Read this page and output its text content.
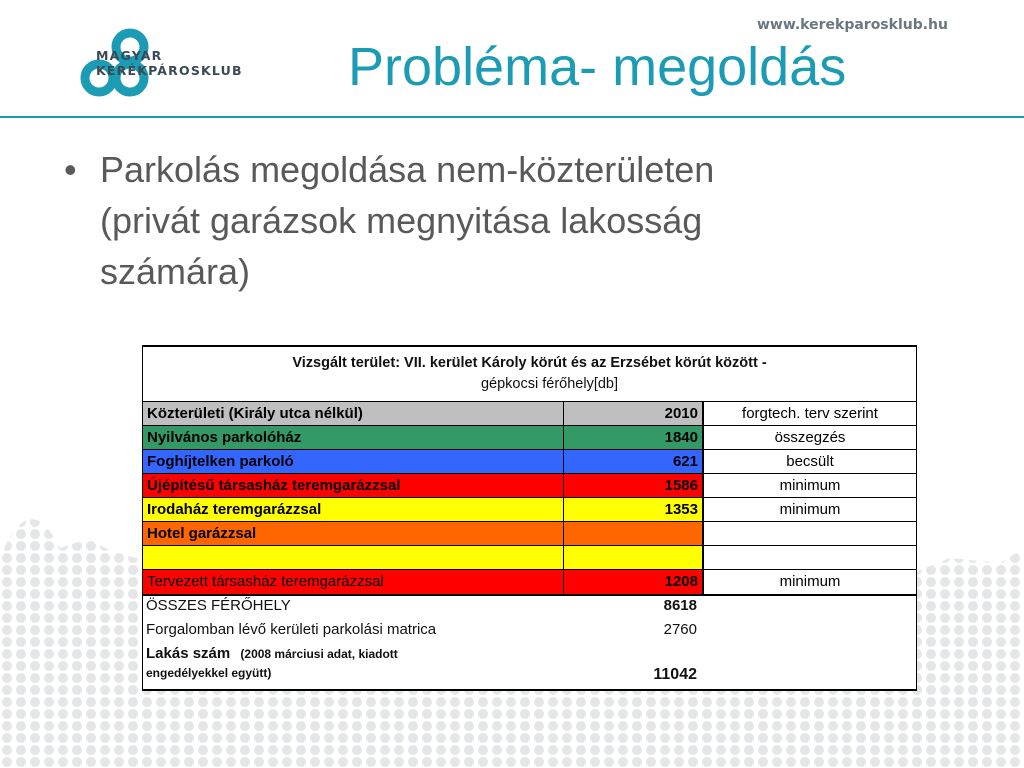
MAGYAR
KERÉKPÁROSKLUB
www.kerekparosklub.hu
Probléma- megoldás
• Parkolás megoldása nem-közterületen
(privát garázsok megnyitása lakosság
számára)
Vizsgált terület: VII. kerület Károly körút és az Erzsébet körút között -
gépkocsi férőhely[db]
Közterületi (Király utca nélkül)	2010	forgtech. terv szerint
Nyilvános parkolóház	1840	összegzés
Foghíjtelken parkoló	621	becsült
Újépítésű társasház teremgarázzsal	1586	minimum
Irodaház teremgarázzsal	1353	minimum
Hotel garázzsal		

Tervezett társasház teremgarázzsal	1208	minimum
ÖSSZES FÉRŐHELY	8618
Forgalomban lévő kerületi parkolási matrica	2760
Lakás szám (2008 márciusi adat, kiadott
engedélyekkel együtt)	11042
